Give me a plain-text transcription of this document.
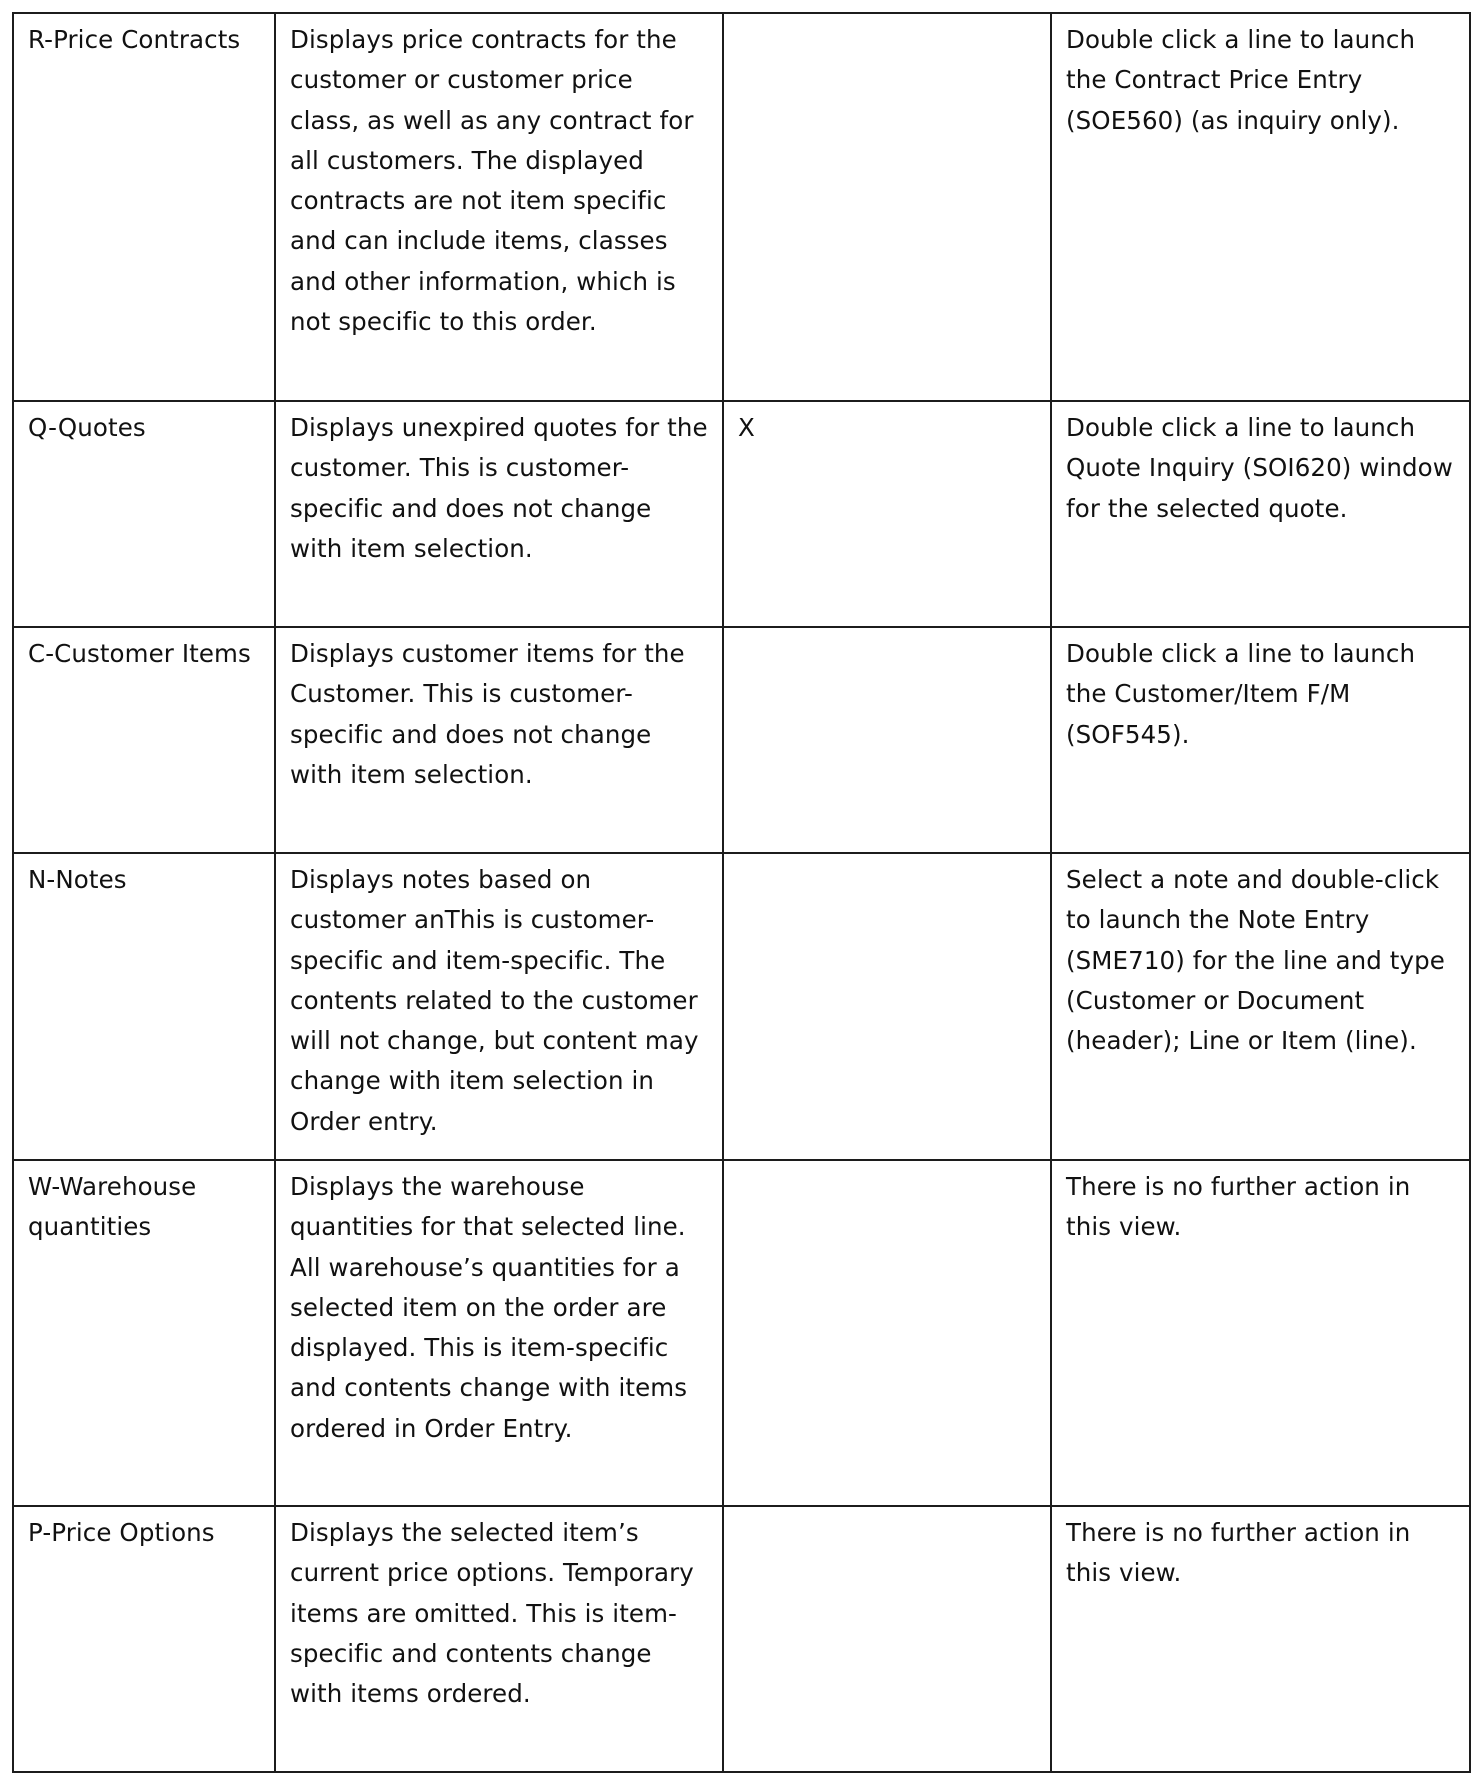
R-Price Contracts	Displays price contracts for the customer or customer price class, as well as any contract for all customers. The displayed contracts are not item specific and can include items, classes and other information, which is not specific to this order.		Double click a line to launch the Contract Price Entry (SOE560) (as inquiry only).
Q-Quotes	Displays unexpired quotes for the customer. This is customer-specific and does not change with item selection.	X	Double click a line to launch Quote Inquiry (SOI620) window for the selected quote.
C-Customer Items	Displays customer items for the Customer. This is customer-specific and does not change with item selection.		Double click a line to launch the Customer/Item F/M (SOF545).
N-Notes	Displays notes based on customer anThis is customer-specific and item-specific. The contents related to the customer will not change, but content may change with item selection in Order entry.		Select a note and double-click to launch the Note Entry (SME710) for the line and type (Customer or Document (header); Line or Item (line).
W-Warehouse quantities	Displays the warehouse quantities for that selected line. All warehouse’s quantities for a selected item on the order are displayed. This is item-specific and contents change with items ordered in Order Entry.		There is no further action in this view.
P-Price Options	Displays the selected item’s current price options. Temporary items are omitted. This is item-specific and contents change with items ordered.		There is no further action in this view.
